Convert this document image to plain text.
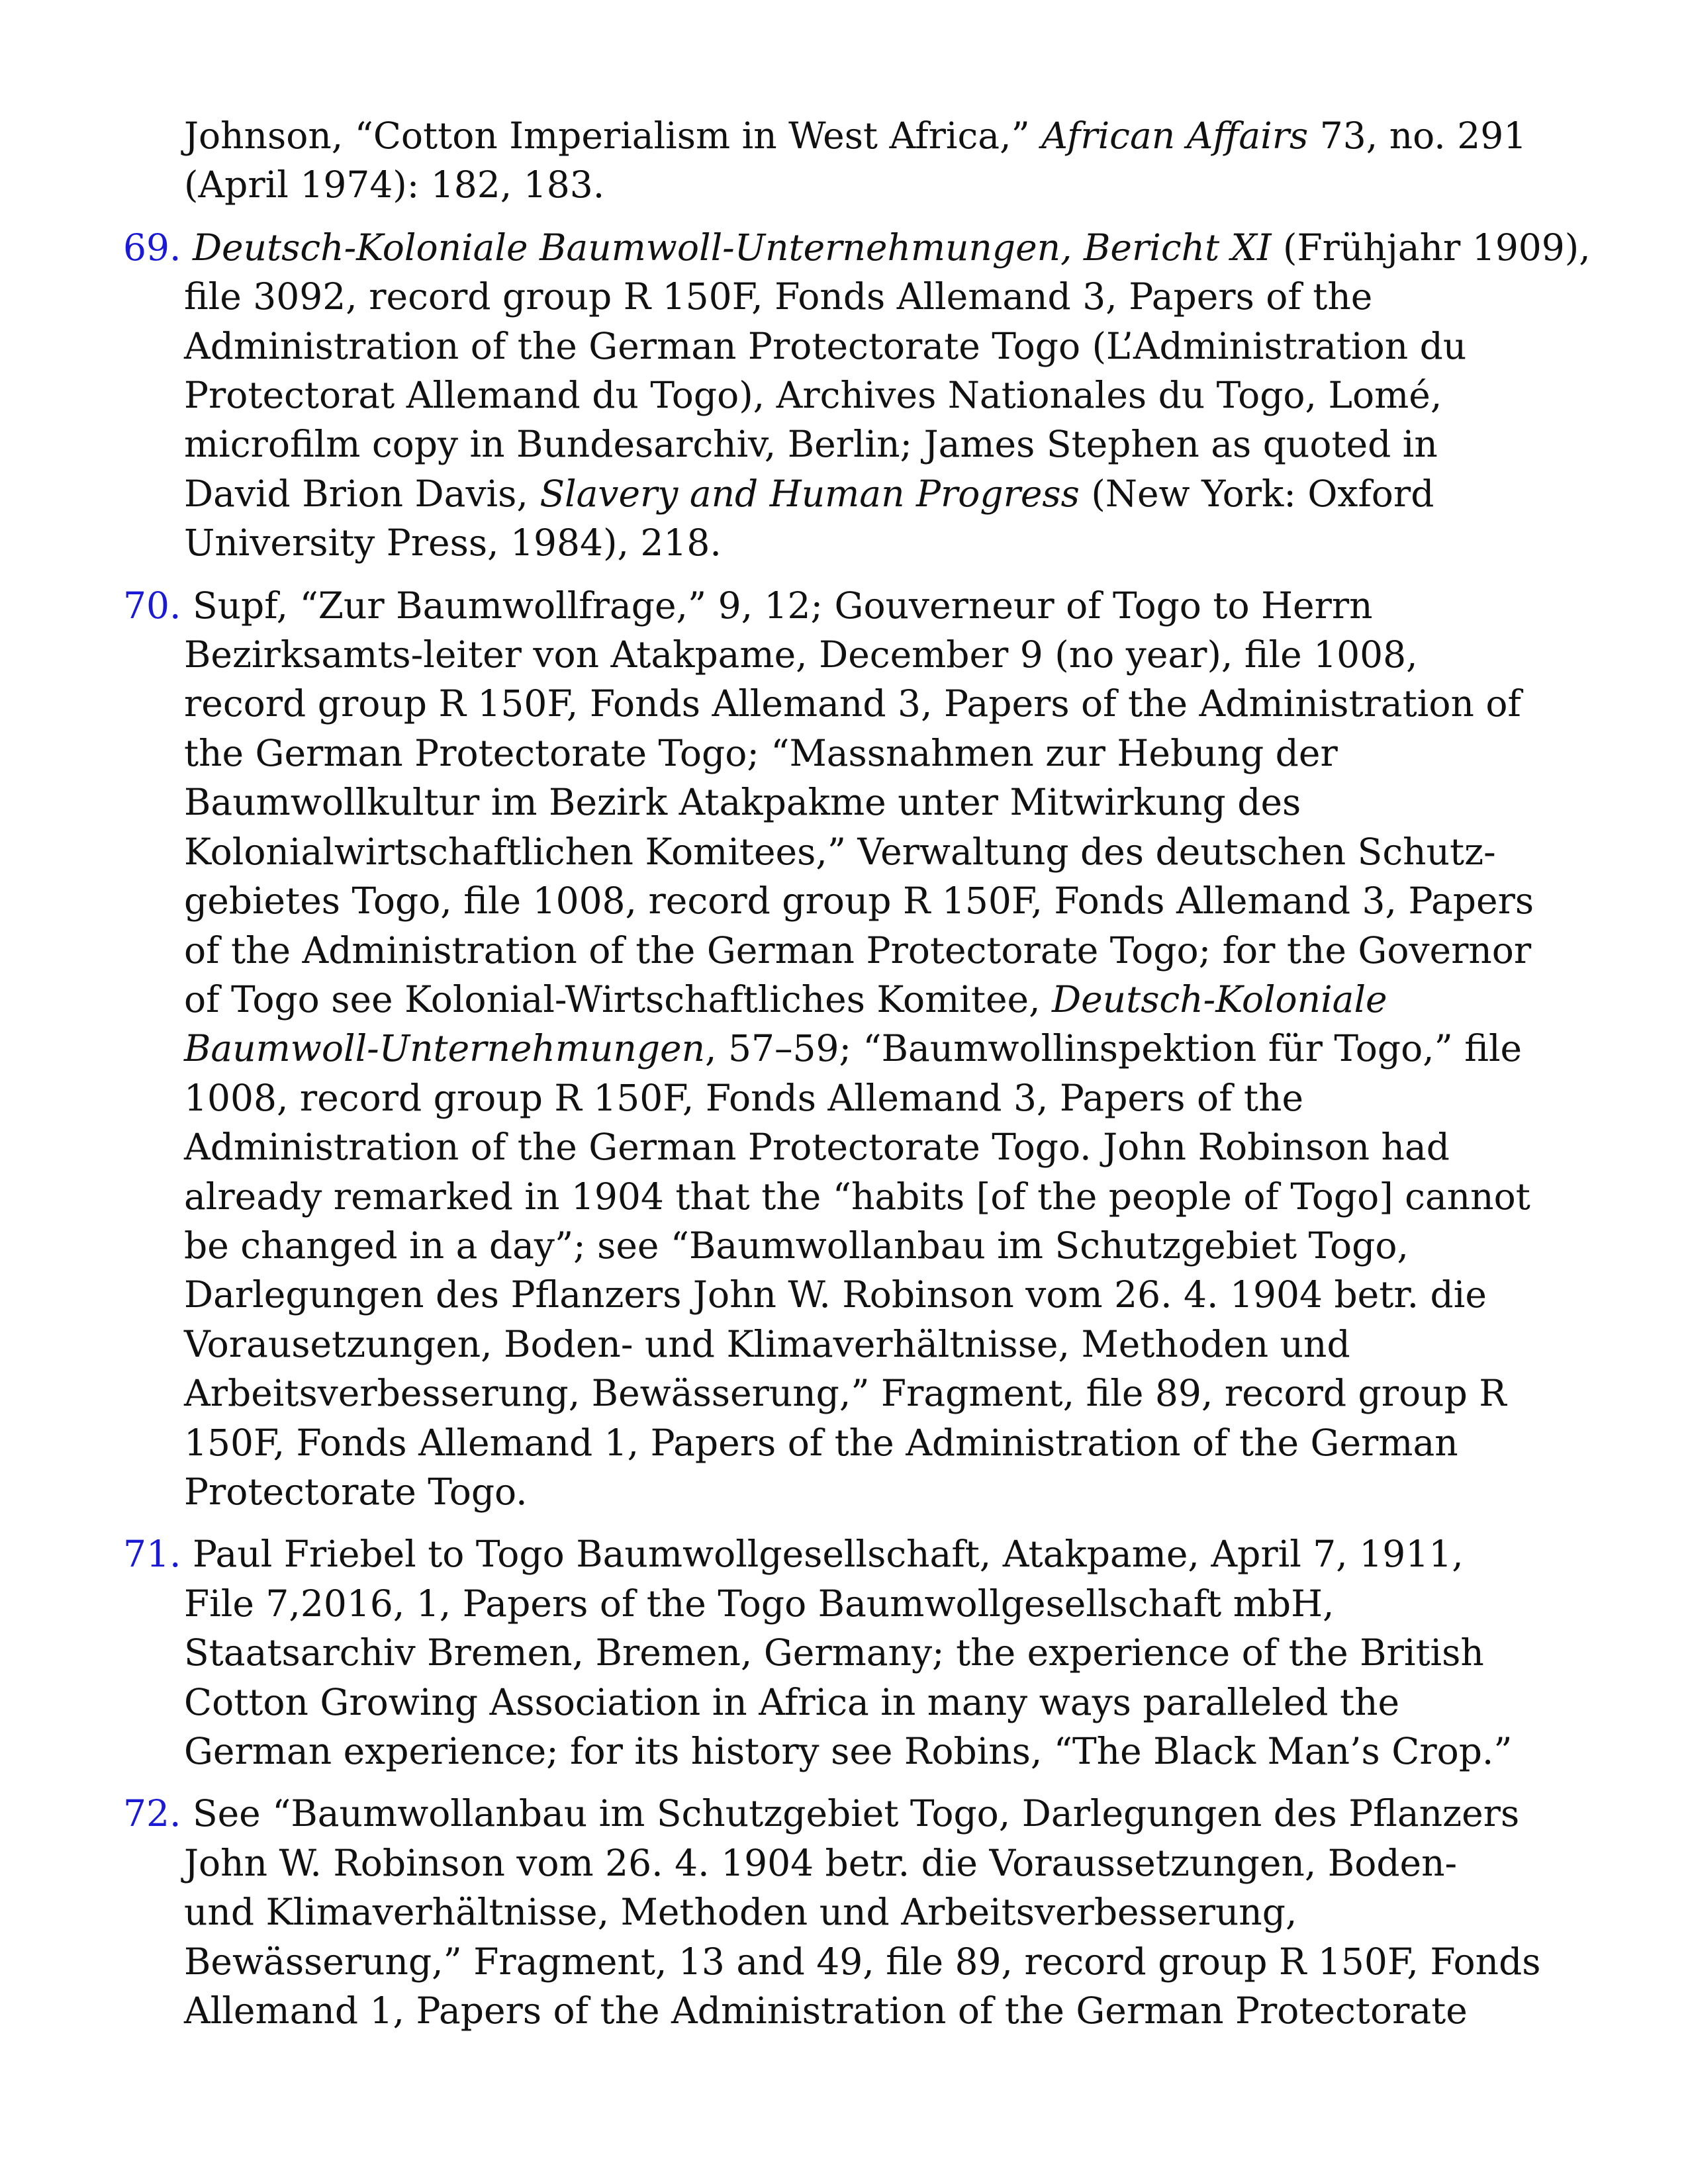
Johnson, “Cotton Imperialism in West Africa,” African Affairs 73, no. 291
(April 1974): 182, 183.
69. Deutsch-Koloniale Baumwoll-Unternehmungen, Bericht XI (Frühjahr 1909),
file 3092, record group R 150F, Fonds Allemand 3, Papers of the
Administration of the German Protectorate Togo (L’Administration du
Protectorat Allemand du Togo), Archives Nationales du Togo, Lomé,
microfilm copy in Bundesarchiv, Berlin; James Stephen as quoted in
David Brion Davis, Slavery and Human Progress (New York: Oxford
University Press, 1984), 218.
70. Supf, “Zur Baumwollfrage,” 9, 12; Gouverneur of Togo to Herrn
Bezirksamts-leiter von Atakpame, December 9 (no year), file 1008,
record group R 150F, Fonds Allemand 3, Papers of the Administration of
the German Protectorate Togo; “Massnahmen zur Hebung der
Baumwollkultur im Bezirk Atakpakme unter Mitwirkung des
Kolonialwirtschaftlichen Komitees,” Verwaltung des deutschen Schutz-
gebietes Togo, file 1008, record group R 150F, Fonds Allemand 3, Papers
of the Administration of the German Protectorate Togo; for the Governor
of Togo see Kolonial-Wirtschaftliches Komitee, Deutsch-Koloniale
Baumwoll-Unternehmungen, 57–59; “Baumwollinspektion für Togo,” file
1008, record group R 150F, Fonds Allemand 3, Papers of the
Administration of the German Protectorate Togo. John Robinson had
already remarked in 1904 that the “habits [of the people of Togo] cannot
be changed in a day”; see “Baumwollanbau im Schutzgebiet Togo,
Darlegungen des Pflanzers John W. Robinson vom 26. 4. 1904 betr. die
Vorausetzungen, Boden- und Klimaverhältnisse, Methoden und
Arbeitsverbesserung, Bewässerung,” Fragment, file 89, record group R
150F, Fonds Allemand 1, Papers of the Administration of the German
Protectorate Togo.
71. Paul Friebel to Togo Baumwollgesellschaft, Atakpame, April 7, 1911,
File 7,2016, 1, Papers of the Togo Baumwollgesellschaft mbH,
Staatsarchiv Bremen, Bremen, Germany; the experience of the British
Cotton Growing Association in Africa in many ways paralleled the
German experience; for its history see Robins, “The Black Man’s Crop.”
72. See “Baumwollanbau im Schutzgebiet Togo, Darlegungen des Pflanzers
John W. Robinson vom 26. 4. 1904 betr. die Voraussetzungen, Boden-
und Klimaverhältnisse, Methoden und Arbeitsverbesserung,
Bewässerung,” Fragment, 13 and 49, file 89, record group R 150F, Fonds
Allemand 1, Papers of the Administration of the German Protectorate
